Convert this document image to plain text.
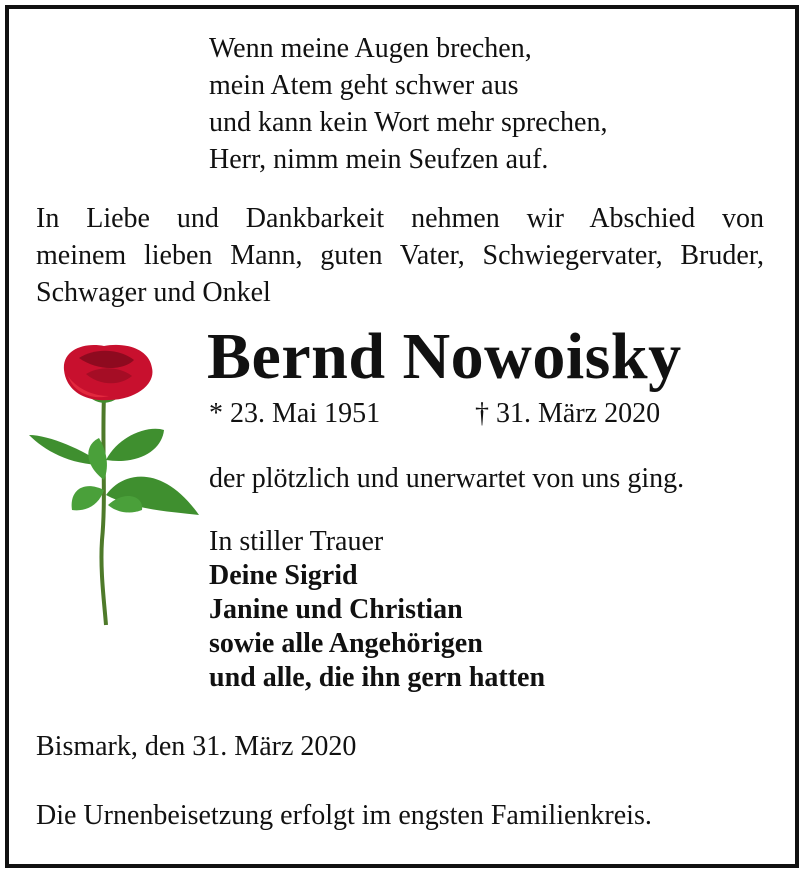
Wenn meine Augen brechen,
mein Atem geht schwer aus
und kann kein Wort mehr sprechen,
Herr, nimm mein Seufzen auf.
In Liebe und Dankbarkeit nehmen wir Abschied von
meinem lieben Mann, guten Vater, Schwiegervater, Bruder,
Schwager und Onkel
Bernd Nowoisky
* 23. Mai 1951	† 31. März 2020
der plötzlich und unerwartet von uns ging.
In stiller Trauer
Deine Sigrid
Janine und Christian
sowie alle Angehörigen
und alle, die ihn gern hatten
Bismark, den 31. März 2020
Die Urnenbeisetzung erfolgt im engsten Familienkreis.
